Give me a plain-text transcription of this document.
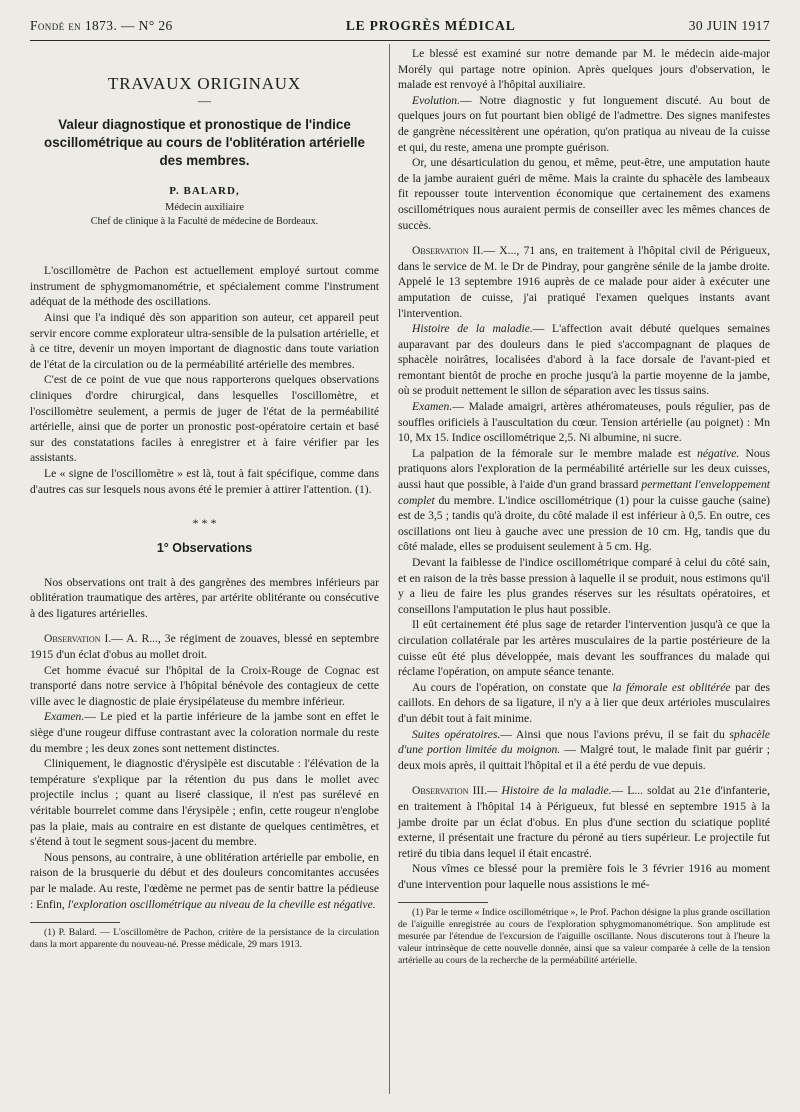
Fondé en 1873. — N° 26	LE PROGRÈS MÉDICAL	30 JUIN 1917
TRAVAUX ORIGINAUX
—
Valeur diagnostique et pronostique de l'indice oscillométrique au cours de l'oblitération artérielle des membres.
P. BALARD,
Médecin auxiliaire
Chef de clinique à la Faculté de médecine de Bordeaux.

L'oscillomètre de Pachon est actuellement employé surtout comme instrument de sphygmomanométrie, et spécialement comme l'instrument adéquat de la méthode des oscillations.

Ainsi que l'a indiqué dès son apparition son auteur, cet appareil peut servir encore comme explorateur ultra-sensible de la pulsation artérielle, et à ce titre, devenir un moyen important de diagnostic dans toute variation de l'état de la circulation ou de la perméabilité artérielle des membres.

C'est de ce point de vue que nous rapporterons quelques observations cliniques d'ordre chirurgical, dans lesquelles l'oscillomètre, et l'oscillomètre seulement, a permis de juger de l'état de la perméabilité artérielle, ainsi que de porter un pronostic post-opératoire certain et basé sur des constatations faciles à enregistrer et à faire vérifier par les assistants.

Le « signe de l'oscillomètre » est là, tout à fait spécifique, comme dans d'autres cas sur lesquels nous avons été le premier à attirer l'attention. (1).

* * *
1° Observations

Nos observations ont trait à des gangrènes des membres inférieurs par oblitération traumatique des artères, par artérite oblitérante ou consécutive à des ligatures artérielles.

Observation I.— A. R..., 3e régiment de zouaves, blessé en septembre 1915 d'un éclat d'obus au mollet droit.

Cet homme évacué sur l'hôpital de la Croix-Rouge de Cognac est transporté dans notre service à l'hôpital bénévole des contagieux de cette ville avec le diagnostic de plaie érysipélateuse du membre inférieur.

Examen.— Le pied et la partie inférieure de la jambe sont en effet le siège d'une rougeur diffuse contrastant avec la coloration normale du reste du membre ; les deux zones sont nettement distinctes.

Cliniquement, le diagnostic d'érysipèle est discutable : l'élévation de la température s'explique par la rétention du pus dans le mollet avec projectile inclus ; quant au liseré classique, il n'est pas surélevé en véritable bourrelet comme dans l'érysipèle ; enfin, cette rougeur n'englobe pas la plaie, mais au contraire en est distante de quelques centimètres, et s'étend à tout le segment sous-jacent du membre.

Nous pensons, au contraire, à une oblitération artérielle par embolie, en raison de la brusquerie du début et des douleurs concomitantes accusées par le malade. Au reste, l'œdème ne permet pas de sentir battre la pédieuse : Enfin, l'exploration oscillométrique au niveau de la cheville est négative.

(1) P. Balard. — L'oscillomètre de Pachon, critère de la persistance de la circulation dans la mort apparente du nouveau-né. Presse médicale, 29 mars 1913.

Le blessé est examiné sur notre demande par M. le médecin aide-major Morély qui partage notre opinion. Après quelques jours d'observation, le malade est renvoyé à l'hôpital auxiliaire.

Evolution.— Notre diagnostic y fut longuement discuté. Au bout de quelques jours on fut pourtant bien obligé de l'admettre. Des signes manifestes de gangrène nécessitèrent une opération, qu'on pratiqua au niveau de la cuisse et qui, du reste, amena une prompte guérison.

Or, une désarticulation du genou, et même, peut-être, une amputation haute de la jambe auraient guéri de même. Mais la crainte du sphacèle des lambeaux fit repousser toute intervention économique que certainement des examens oscillométriques nous auraient permis de conseiller avec les mêmes chances de succès.

Observation II.— X..., 71 ans, en traitement à l'hôpital civil de Périgueux, dans le service de M. le Dr de Pindray, pour gangrène sénile de la jambe droite. Appelé le 13 septembre 1916 auprès de ce malade pour aider à exécuter une amputation de cuisse, j'ai pratiqué l'examen quelques instants avant l'intervention.

Histoire de la maladie.— L'affection avait débuté quelques semaines auparavant par des douleurs dans le pied s'accompagnant de plaques de sphacèle noirâtres, localisées d'abord à la face dorsale de l'avant-pied et remontant bientôt de proche en proche jusqu'à la partie moyenne de la jambe, où se produit nettement le sillon de séparation avec les tissus sains.

Examen.— Malade amaigri, artères athéromateuses, pouls régulier, pas de souffles orificiels à l'auscultation du cœur. Tension artérielle (au poignet) : Mn 10, Mx 15. Indice oscillométrique 2,5. Ni albumine, ni sucre.

La palpation de la fémorale sur le membre malade est négative. Nous pratiquons alors l'exploration de la perméabilité artérielle sur les deux cuisses, aussi haut que possible, à l'aide d'un grand brassard permettant l'enveloppement complet du membre. L'indice oscillométrique (1) pour la cuisse gauche (saine) est de 3,5 ; tandis qu'à droite, du côté malade il est inférieur à 0,5. En outre, ces oscillations ont lieu à gauche avec une pression de 10 cm. Hg, tandis que du côté malade, elles se produisent seulement à 5 cm. Hg.

Devant la faiblesse de l'indice oscillométrique comparé à celui du côté sain, et en raison de la très basse pression à laquelle il se produit, nous estimons qu'il y a lieu de faire les plus grandes réserves sur les résultats opératoires, et conseillons l'amputation le plus haut possible.

Il eût certainement été plus sage de retarder l'intervention jusqu'à ce que la circulation collatérale par les artères musculaires de la partie postérieure de la cuisse eût été plus développée, mais devant les souffrances du malade qui réclame l'opération, on ampute séance tenante.

Au cours de l'opération, on constate que la fémorale est oblitérée par des caillots. En dehors de sa ligature, il n'y a à lier que deux artérioles musculaires d'un débit tout à fait minime.

Suites opératoires.— Ainsi que nous l'avions prévu, il se fait du sphacèle d'une portion limitée du moignon. — Malgré tout, le malade finit par guérir ; deux mois après, il quittait l'hôpital et il a été perdu de vue depuis.

Observation III.— Histoire de la maladie.— L... soldat au 21e d'infanterie, en traitement à l'hôpital 14 à Périgueux, fut blessé en septembre 1915 à la jambe droite par un éclat d'obus. En plus d'une section du sciatique poplité externe, il présentait une fracture du péroné au tiers supérieur. Le projectile fut retiré du tibia dans lequel il était encastré.

Nous vîmes ce blessé pour la première fois le 3 février 1916 au moment d'une intervention pour laquelle nous assistions le mé-

(1) Par le terme « Indice oscillométrique », le Prof. Pachon désigne la plus grande oscillation de l'aiguille enregistrée au cours de l'exploration sphygmomanométrique. Son amplitude est mesurée par l'étendue de l'excursion de l'aiguille oscillante. Nous discuterons tout à l'heure la valeur intrinsèque de cette nouvelle donnée, ainsi que sa valeur comparée à celle de la tension artérielle au cours de la recherche de la perméabilité artérielle.
